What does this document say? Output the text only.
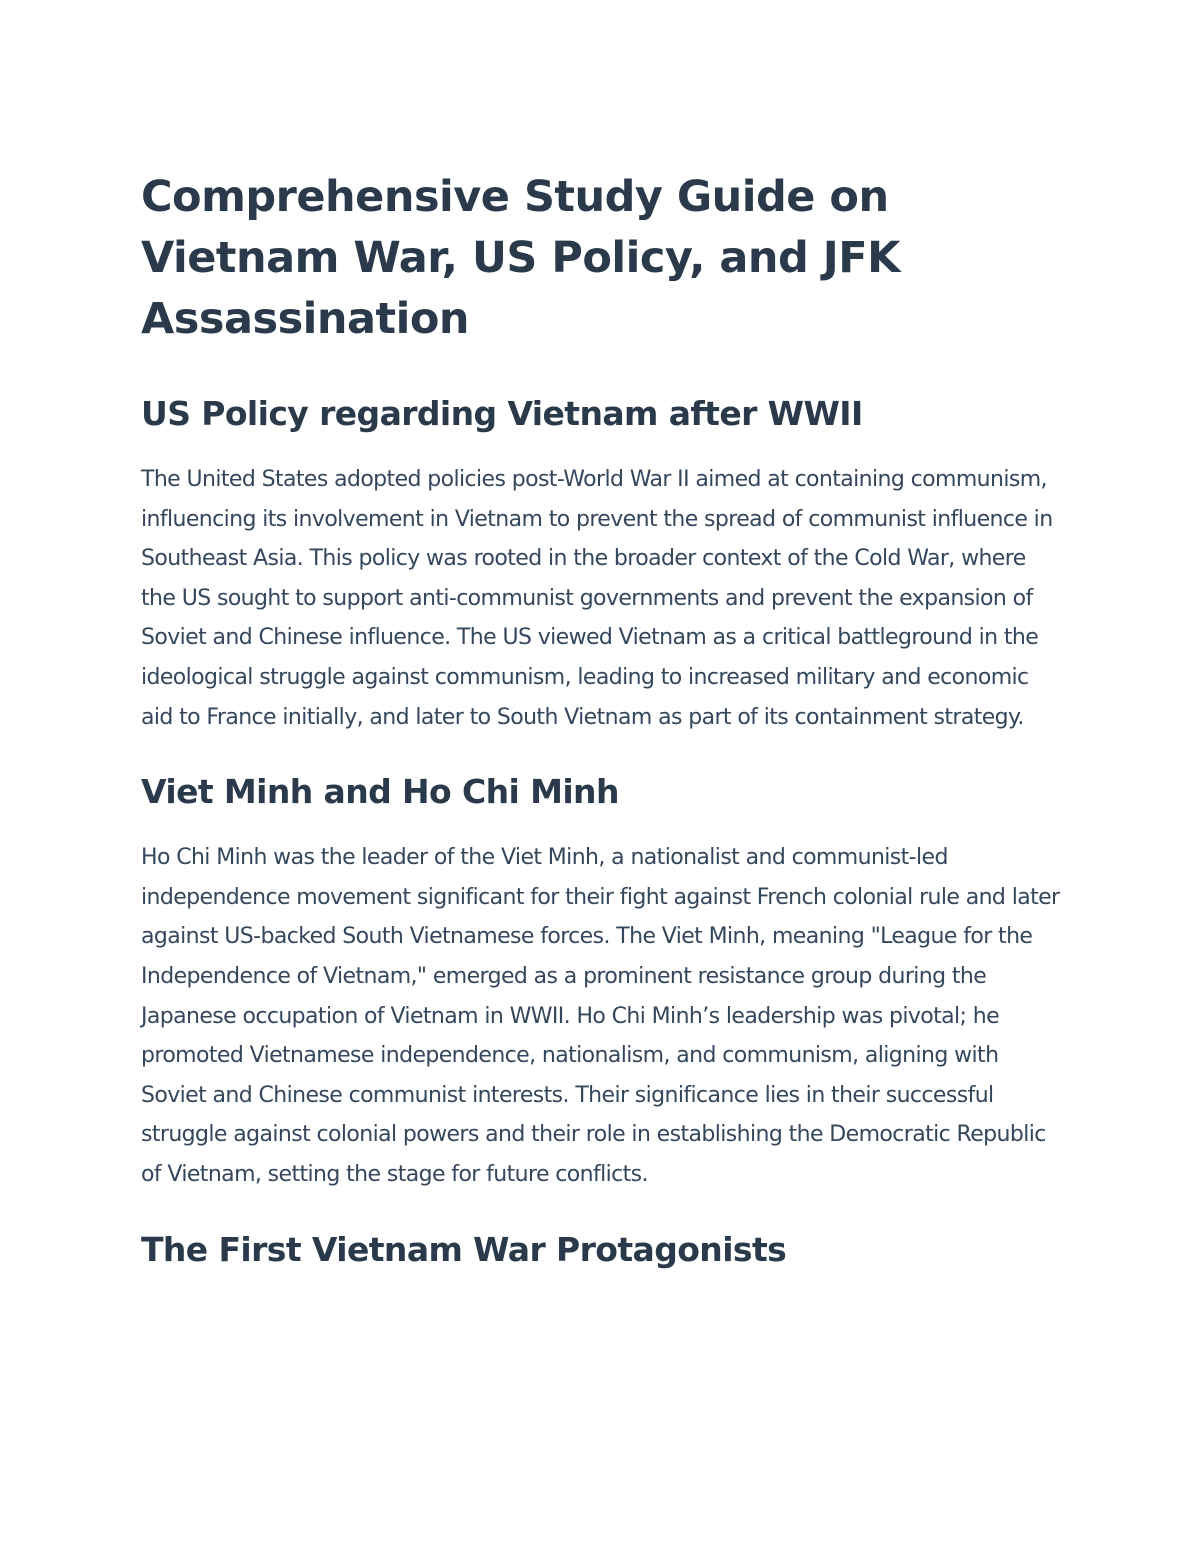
Comprehensive Study Guide on Vietnam War, US Policy, and JFK Assassination
US Policy regarding Vietnam after WWII

The United States adopted policies post-World War II aimed at containing communism, influencing its involvement in Vietnam to prevent the spread of communist influence in Southeast Asia. This policy was rooted in the broader context of the Cold War, where the US sought to support anti-communist governments and prevent the expansion of Soviet and Chinese influence. The US viewed Vietnam as a critical battleground in the ideological struggle against communism, leading to increased military and economic aid to France initially, and later to South Vietnam as part of its containment strategy.

Viet Minh and Ho Chi Minh

Ho Chi Minh was the leader of the Viet Minh, a nationalist and communist-led independence movement significant for their fight against French colonial rule and later against US-backed South Vietnamese forces. The Viet Minh, meaning "League for the Independence of Vietnam," emerged as a prominent resistance group during the Japanese occupation of Vietnam in WWII. Ho Chi Minh’s leadership was pivotal; he promoted Vietnamese independence, nationalism, and communism, aligning with Soviet and Chinese communist interests. Their significance lies in their successful struggle against colonial powers and their role in establishing the Democratic Republic of Vietnam, setting the stage for future conflicts.

The First Vietnam War Protagonists
